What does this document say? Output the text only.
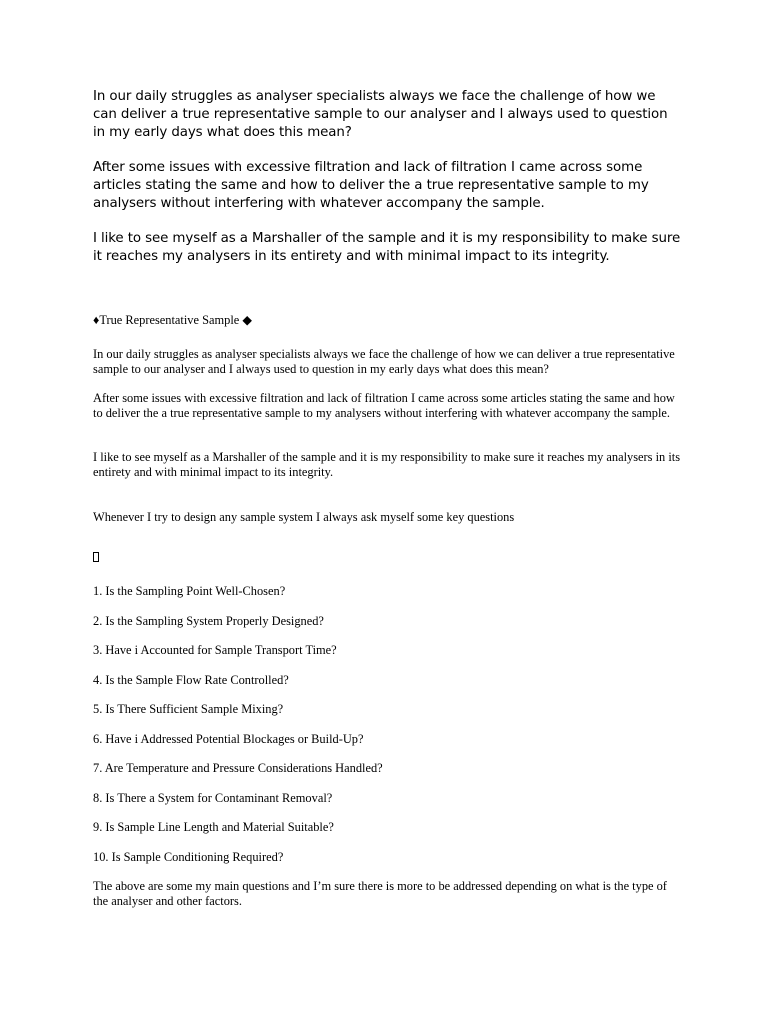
In our daily struggles as analyser specialists always we face the challenge of how we can deliver a true representative sample to our analyser and I always used to question in my early days what does this mean?
After some issues with excessive filtration and lack of filtration I came across some articles stating the same and how to deliver the a true representative sample to my analysers without interfering with whatever accompany the sample.
I like to see myself as a Marshaller of the sample and it is my responsibility to make sure it reaches my analysers in its entirety and with minimal impact to its integrity.
♦True Representative Sample ◆
In our daily struggles as analyser specialists always we face the challenge of how we can deliver a true representative sample to our analyser and I always used to question in my early days what does this mean?
After some issues with excessive filtration and lack of filtration I came across some articles stating the same and how to deliver the a true representative sample to my analysers without interfering with whatever accompany the sample.
I like to see myself as a Marshaller of the sample and it is my responsibility to make sure it reaches my analysers in its entirety and with minimal impact to its integrity.
Whenever I try to design any sample system I always ask myself some key questions
1. Is the Sampling Point Well-Chosen?
2. Is the Sampling System Properly Designed?
3. Have i Accounted for Sample Transport Time?
4. Is the Sample Flow Rate Controlled?
5. Is There Sufficient Sample Mixing?
6. Have i Addressed Potential Blockages or Build-Up?
7. Are Temperature and Pressure Considerations Handled?
8. Is There a System for Contaminant Removal?
9. Is Sample Line Length and Material Suitable?
10. Is Sample Conditioning Required?
The above are some my main questions and I’m sure there is more to be addressed depending on what is the type of the analyser and other factors.
